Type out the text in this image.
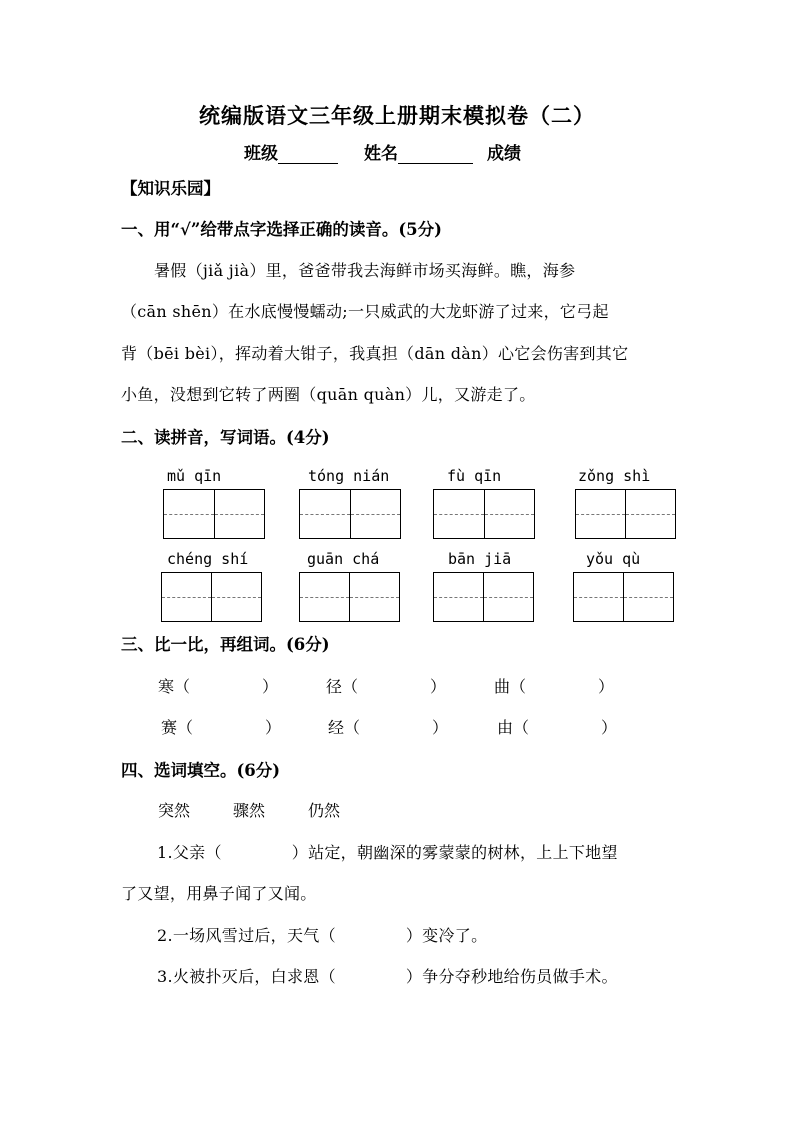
统编版语文三年级上册期末模拟卷（二）
班级	姓名	成绩
【知识乐园】
一、用“√”给带点字选择正确的读音。(5分)
暑假（jiǎ jià）里，爸爸带我去海鲜市场买海鲜。瞧，海参
（cān shēn）在水底慢慢蠕动;一只威武的大龙虾游了过来，它弓起
背（bēi bèi），挥动着大钳子，我真担（dān dàn）心它会伤害到其它
小鱼，没想到它转了两圈（quān quàn）儿，又游走了。
二、读拼音，写词语。(4分)
mǔ qīn	tóng nián	fù qīn	zǒng shì
chéng shí	guān chá	bān jiā	yǒu qù
三、比一比，再组词。(6分)
寒（	）	径（	）	曲（	）
赛（	）	经（	）	由（	）
四、选词填空。(6分)
突然	骤然	仍然
1.父亲（	）站定，朝幽深的雾蒙蒙的树林，上上下地望
了又望，用鼻子闻了又闻。
2.一场风雪过后，天气（	）变冷了。
3.火被扑灭后，白求恩（	）争分夺秒地给伤员做手术。
